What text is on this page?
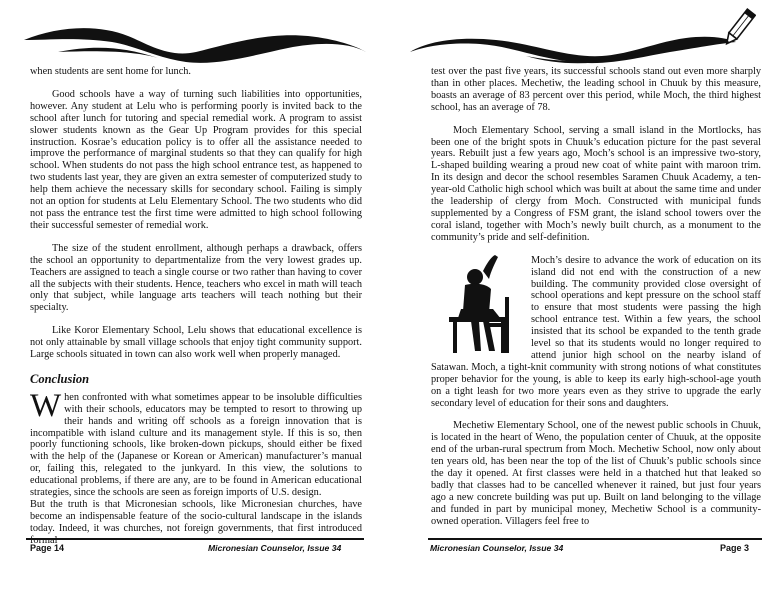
when students are sent home for lunch.

Good schools have a way of turning such liabilities into opportunities, however. Any student at Lelu who is performing poorly is invited back to the school after lunch for tutoring and special remedial work. A program to assist slower students known as the Gear Up Program provides for this special instruction. Kosrae’s education policy is to offer all the assistance needed to improve the performance of marginal students so that they can qualify for high school. When students do not pass the high school entrance test, as happened to two students last year, they are given an extra semester of computerized study to help them achieve the necessary skills for secondary school. Failing is simply not an option for students at Lelu Elementary School. The two students who did not pass the entrance test the first time were admitted to high school following their successful semester of remedial work.

The size of the student enrollment, although perhaps a drawback, offers the school an opportunity to departmentalize from the very lowest grades up. Teachers are assigned to teach a single course or two rather than having to cover all the subjects with their students. Hence, teachers who excel in math will teach only that subject, while language arts teachers will teach nothing but their specialty.

Like Koror Elementary School, Lelu shows that educational excellence is not only attainable by small village schools that enjoy tight community support. Large schools situated in town can also work well when properly managed.

Conclusion

When confronted with what sometimes appear to be insoluble difficulties with their schools, educators may be tempted to resort to throwing up their hands and writing off schools as a foreign innovation that is incompatible with island culture and its management style. If this is so, then poorly functioning schools, like broken-down pickups, should either be fixed with the help of the (Japanese or Korean or American) manufacturer’s manual or, failing this, relegated to the junkyard. In this view, the solutions to educational problems, if there are any, are to be found in American educational strategies, since the schools are seen as foreign imports of U.S. design.

But the truth is that Micronesian schools, like Micronesian churches, have become an indispensable feature of the socio-cultural landscape in the islands today. Indeed, it was churches, not foreign governments, that first introduced formal

Page 14	Micronesian Counselor, Issue 34

test over the past five years, its successful schools stand out even more sharply than in other places. Mechetiw, the leading school in Chuuk by this measure, boasts an average of 83 percent over this period, while Moch, the third highest school, has an average of 78.

Moch Elementary School, serving a small island in the Mortlocks, has been one of the bright spots in Chuuk’s education picture for the past several years. Rebuilt just a few years ago, Moch’s school is an impressive two-story, L-shaped building wearing a proud new coat of white paint with maroon trim. In its design and decor the school resembles Saramen Chuuk Academy, a ten-year-old Catholic high school which was built at about the same time and under the leadership of clergy from Moch. Constructed with municipal funds supplemented by a Congress of FSM grant, the island school towers over the coral island, together with Moch’s newly built church, as a monument to the community’s pride and self-definition.

Moch’s desire to advance the work of education on its island did not end with the construction of a new building. The community provided close oversight of school operations and kept pressure on the school staff to ensure that most students were passing the high school entrance test. Within a few years, the school insisted that its school be expanded to the tenth grade level so that its students would no longer required to attend junior high school on the nearby island of Satawan. Moch, a tight-knit community with strong notions of what constitutes proper behavior for the young, is able to keep its early high-school-age youth on a tight leash for two more years even as they strive to upgrade the early secondary level of education for their sons and daughters.

Mechetiw Elementary School, one of the newest public schools in Chuuk, is located in the heart of Weno, the population center of Chuuk, at the opposite end of the urban-rural spectrum from Moch. Mechetiw School, now only about ten years old, has been near the top of the list of Chuuk’s public schools since the day it opened. At first classes were held in a thatched hut that leaked so badly that classes had to be cancelled whenever it rained, but just four years ago a new concrete building was put up. Built on land belonging to the village and funded in part by municipal money, Mechetiw School is a community-owned operation. Villagers feel free to

Micronesian Counselor, Issue 34	Page 3
